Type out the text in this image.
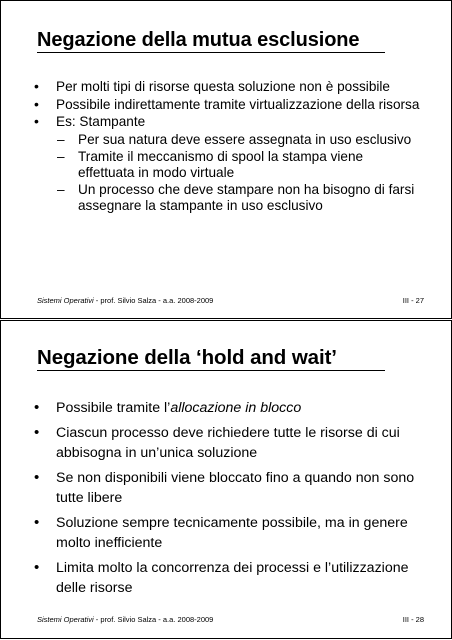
Negazione della mutua esclusione
• Per molti tipi di risorse questa soluzione non è possibile
• Possibile indirettamente tramite virtualizzazione della risorsa
• Es: Stampante
– Per sua natura deve essere assegnata in uso esclusivo
– Tramite il meccanismo di spool la stampa viene effettuata in modo virtuale
– Un processo che deve stampare non ha bisogno di farsi assegnare la stampante in uso esclusivo
Sistemi Operativi - prof. Silvio Salza - a.a. 2008-2009	III - 27
Negazione della ‘hold and wait’
• Possibile tramite l’allocazione in blocco
• Ciascun processo deve richiedere tutte le risorse di cui abbisogna in un’unica soluzione
• Se non disponibili viene bloccato fino a quando non sono tutte libere
• Soluzione sempre tecnicamente possibile, ma in genere molto inefficiente
• Limita molto la concorrenza dei processi e l’utilizzazione delle risorse
Sistemi Operativi - prof. Silvio Salza - a.a. 2008-2009	III - 28
